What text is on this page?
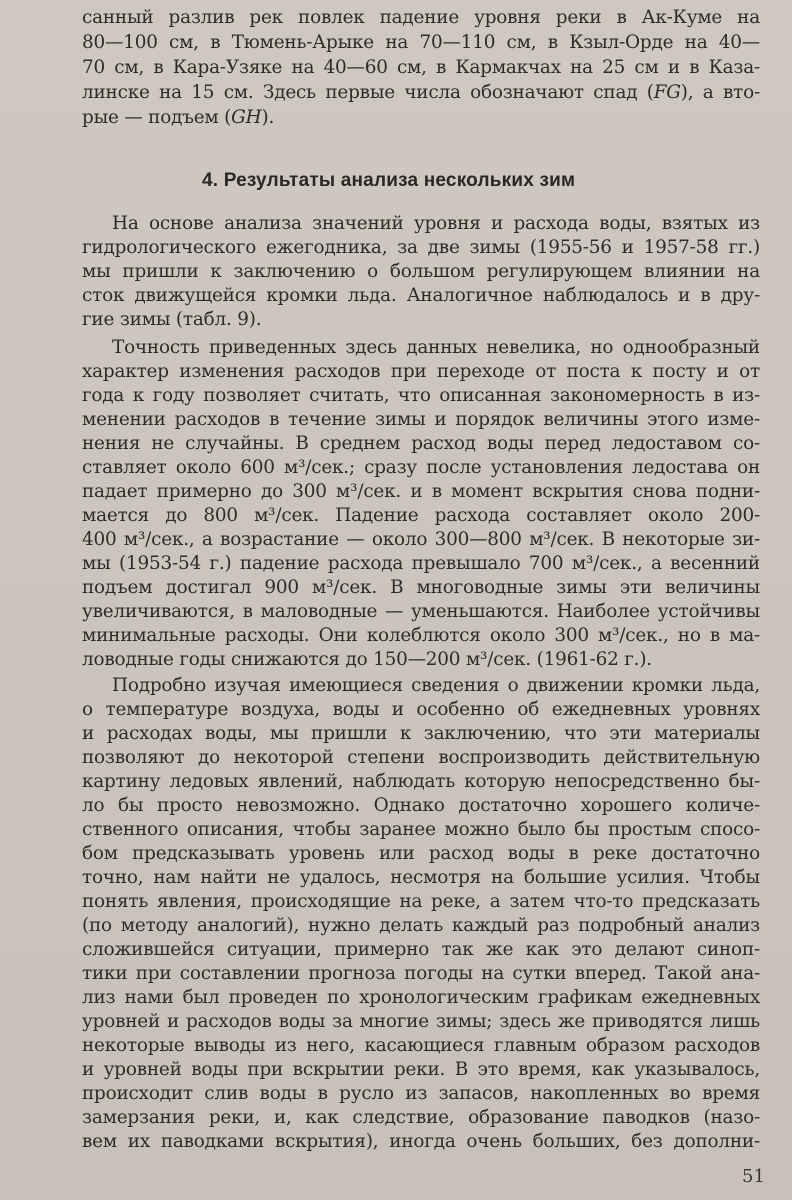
санный разлив рек повлек падение уровня реки в Ак-Куме на

80—100 см, в Тюмень-Арыке на 70—110 см, в Кзыл-Орде на 40—

70 см, в Кара-Узяке на 40—60 см, в Кармакчах на 25 см и в Каза-

линске на 15 см. Здесь первые числа обозначают спад (FG), а вто-

рые — подъем (GH).

4. Результаты анализа нескольких зим

На основе анализа значений уровня и расхода воды, взятых из

гидрологического ежегодника, за две зимы (1955-56 и 1957-58 гг.)

мы пришли к заключению о большом регулирующем влиянии на

сток движущейся кромки льда. Аналогичное наблюдалось и в дру-

гие зимы (табл. 9).

Точность приведенных здесь данных невелика, но однообразный

характер изменения расходов при переходе от поста к посту и от

года к году позволяет считать, что описанная закономерность в из-

менении расходов в течение зимы и порядок величины этого изме-

нения не случайны. В среднем расход воды перед ледоставом со-

ставляет около 600 м³/сек.; сразу после установления ледостава он

падает примерно до 300 м³/сек. и в момент вскрытия снова подни-

мается до 800 м³/сек. Падение расхода составляет около 200-

400 м³/сек., а возрастание — около 300—800 м³/сек. В некоторые зи-

мы (1953-54 г.) падение расхода превышало 700 м³/сек., а весенний

подъем достигал 900 м³/сек. В многоводные зимы эти величины

увеличиваются, в маловодные — уменьшаются. Наиболее устойчивы

минимальные расходы. Они колеблются около 300 м³/сек., но в ма-

ловодные годы снижаются до 150—200 м³/сек. (1961-62 г.).

Подробно изучая имеющиеся сведения о движении кромки льда,

о температуре воздуха, воды и особенно об ежедневных уровнях

и расходах воды, мы пришли к заключению, что эти материалы

позволяют до некоторой степени воспроизводить действительную

картину ледовых явлений, наблюдать которую непосредственно бы-

ло бы просто невозможно. Однако достаточно хорошего количе-

ственного описания, чтобы заранее можно было бы простым спосо-

бом предсказывать уровень или расход воды в реке достаточно

точно, нам найти не удалось, несмотря на большие усилия. Чтобы

понять явления, происходящие на реке, а затем что-то предсказать

(по методу аналогий), нужно делать каждый раз подробный анализ

сложившейся ситуации, примерно так же как это делают синоп-

тики при составлении прогноза погоды на сутки вперед. Такой ана-

лиз нами был проведен по хронологическим графикам ежедневных

уровней и расходов воды за многие зимы; здесь же приводятся лишь

некоторые выводы из него, касающиеся главным образом расходов

и уровней воды при вскрытии реки. В это время, как указывалось,

происходит слив воды в русло из запасов, накопленных во время

замерзания реки, и, как следствие, образование паводков (назо-

вем их паводками вскрытия), иногда очень больших, без дополни-

51
